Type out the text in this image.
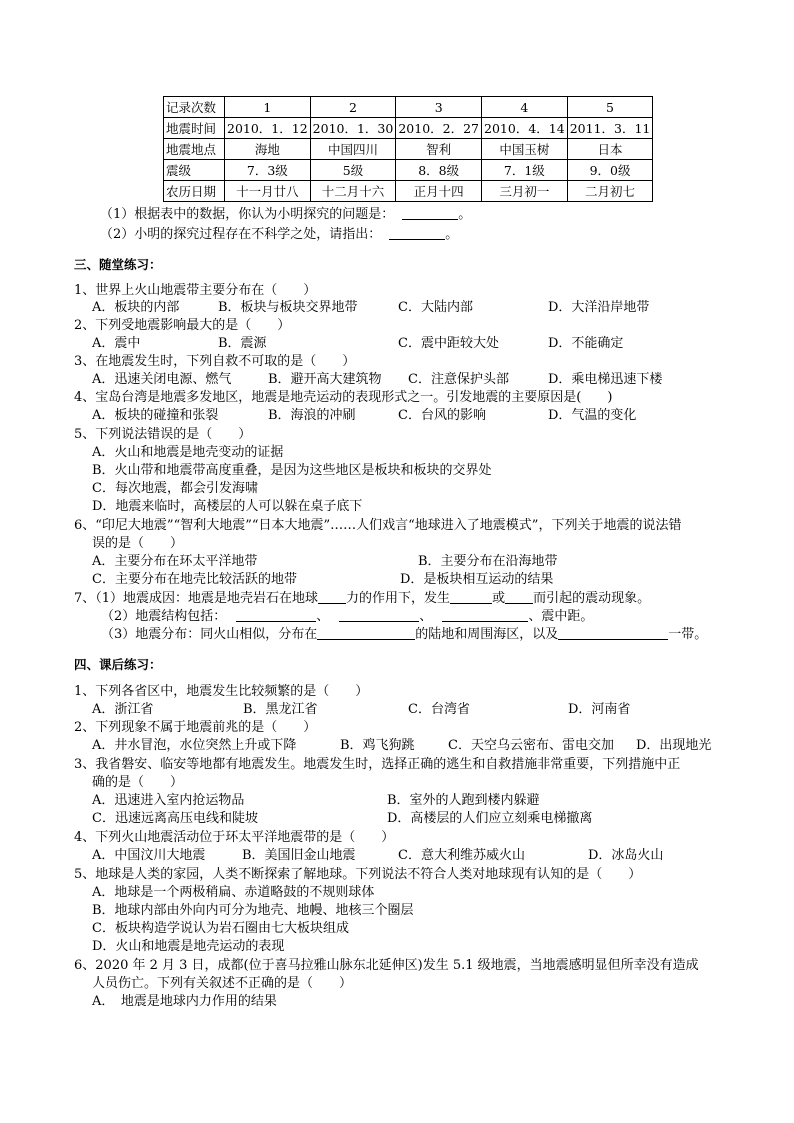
记录次数	1	2	3	4	5
地震时间	2010．1．12	2010．1．30	2010．2．27	2010．4．14	2011．3．11
地震地点	海地	中国四川	智利	中国玉树	日本
震级	7．3级	5级	8．8级	7．1级	9．0级
农历日期	十一月廿八	十二月十六	正月十四	三月初一	二月初七
（1）根据表中的数据，你认为小明探究的问题是：	。
（2）小明的探究过程存在不科学之处，请指出：	。
三、随堂练习：
1、世界上火山地震带主要分布在（　　）
A．板块的内部	B．板块与板块交界地带	C．大陆内部	D．大洋沿岸地带
2、下列受地震影响最大的是（　　）
A．震中	B．震源	C．震中距较大处	D．不能确定
3、在地震发生时，下列自救不可取的是（　　）
A．迅速关闭电源、燃气	B．避开高大建筑物 C．注意保护头部	D．乘电梯迅速下楼
4、宝岛台湾是地震多发地区，地震是地壳运动的表现形式之一。引发地震的主要原因是(　　)
A．板块的碰撞和张裂	B．海浪的冲刷	C．台风的影响	D．气温的变化
5、下列说法错误的是（　　）
A．火山和地震是地壳变动的证据
B．火山带和地震带高度重叠，是因为这些地区是板块和板块的交界处
C．每次地震，都会引发海啸
D．地震来临时，高楼层的人可以躲在桌子底下
6、“印尼大地震”“智利大地震”“日本大地震”……人们戏言“地球进入了地震模式”，下列关于地震的说法错
误的是（　　）
A．主要分布在环太平洋地带	B．主要分布在沿海地带
C．主要分布在地壳比较活跃的地带	D．是板块相互运动的结果
7、（1）地震成因：地震是地壳岩石在地球 力的作用下，发生	或 而引起的震动现象。
（2）地震结构包括：	、	、	、震中距。
（3）地震分布：同火山相似，分布在	的陆地和周围海区，以及	一带。
四、课后练习：
1、下列各省区中，地震发生比较频繁的是（　　）
A．浙江省	B．黑龙江省	C．台湾省	D．河南省
2、下列现象不属于地震前兆的是（　　）
A．井水冒泡，水位突然上升或下降	B．鸡飞狗跳	C．天空乌云密布、雷电交加 D．出现地光
3、我省磐安、临安等地都有地震发生。地震发生时，选择正确的逃生和自救措施非常重要，下列措施中正
确的是（　　）
A．迅速进入室内抢运物品	B．室外的人跑到楼内躲避
C．迅速远离高压电线和陡坡	D．高楼层的人们应立刻乘电梯撤离
4、下列火山地震活动位于环太平洋地震带的是（　　）
A．中国汶川大地震	B．美国旧金山地震	C．意大利维苏威火山	D．冰岛火山
5、地球是人类的家园，人类不断探索了解地球。下列说法不符合人类对地球现有认知的是（　　）
A．地球是一个两极稍扁、赤道略鼓的不规则球体
B．地球内部由外向内可分为地壳、地幔、地核三个圈层
C．板块构造学说认为岩石圈由七大板块组成
D．火山和地震是地壳运动的表现
6、2020 年 2 月 3 日，成都(位于喜马拉雅山脉东北延伸区)发生 5.1 级地震，当地震感明显但所幸没有造成
人员伤亡。下列有关叙述不正确的是（　　）
A．　地震是地球内力作用的结果
